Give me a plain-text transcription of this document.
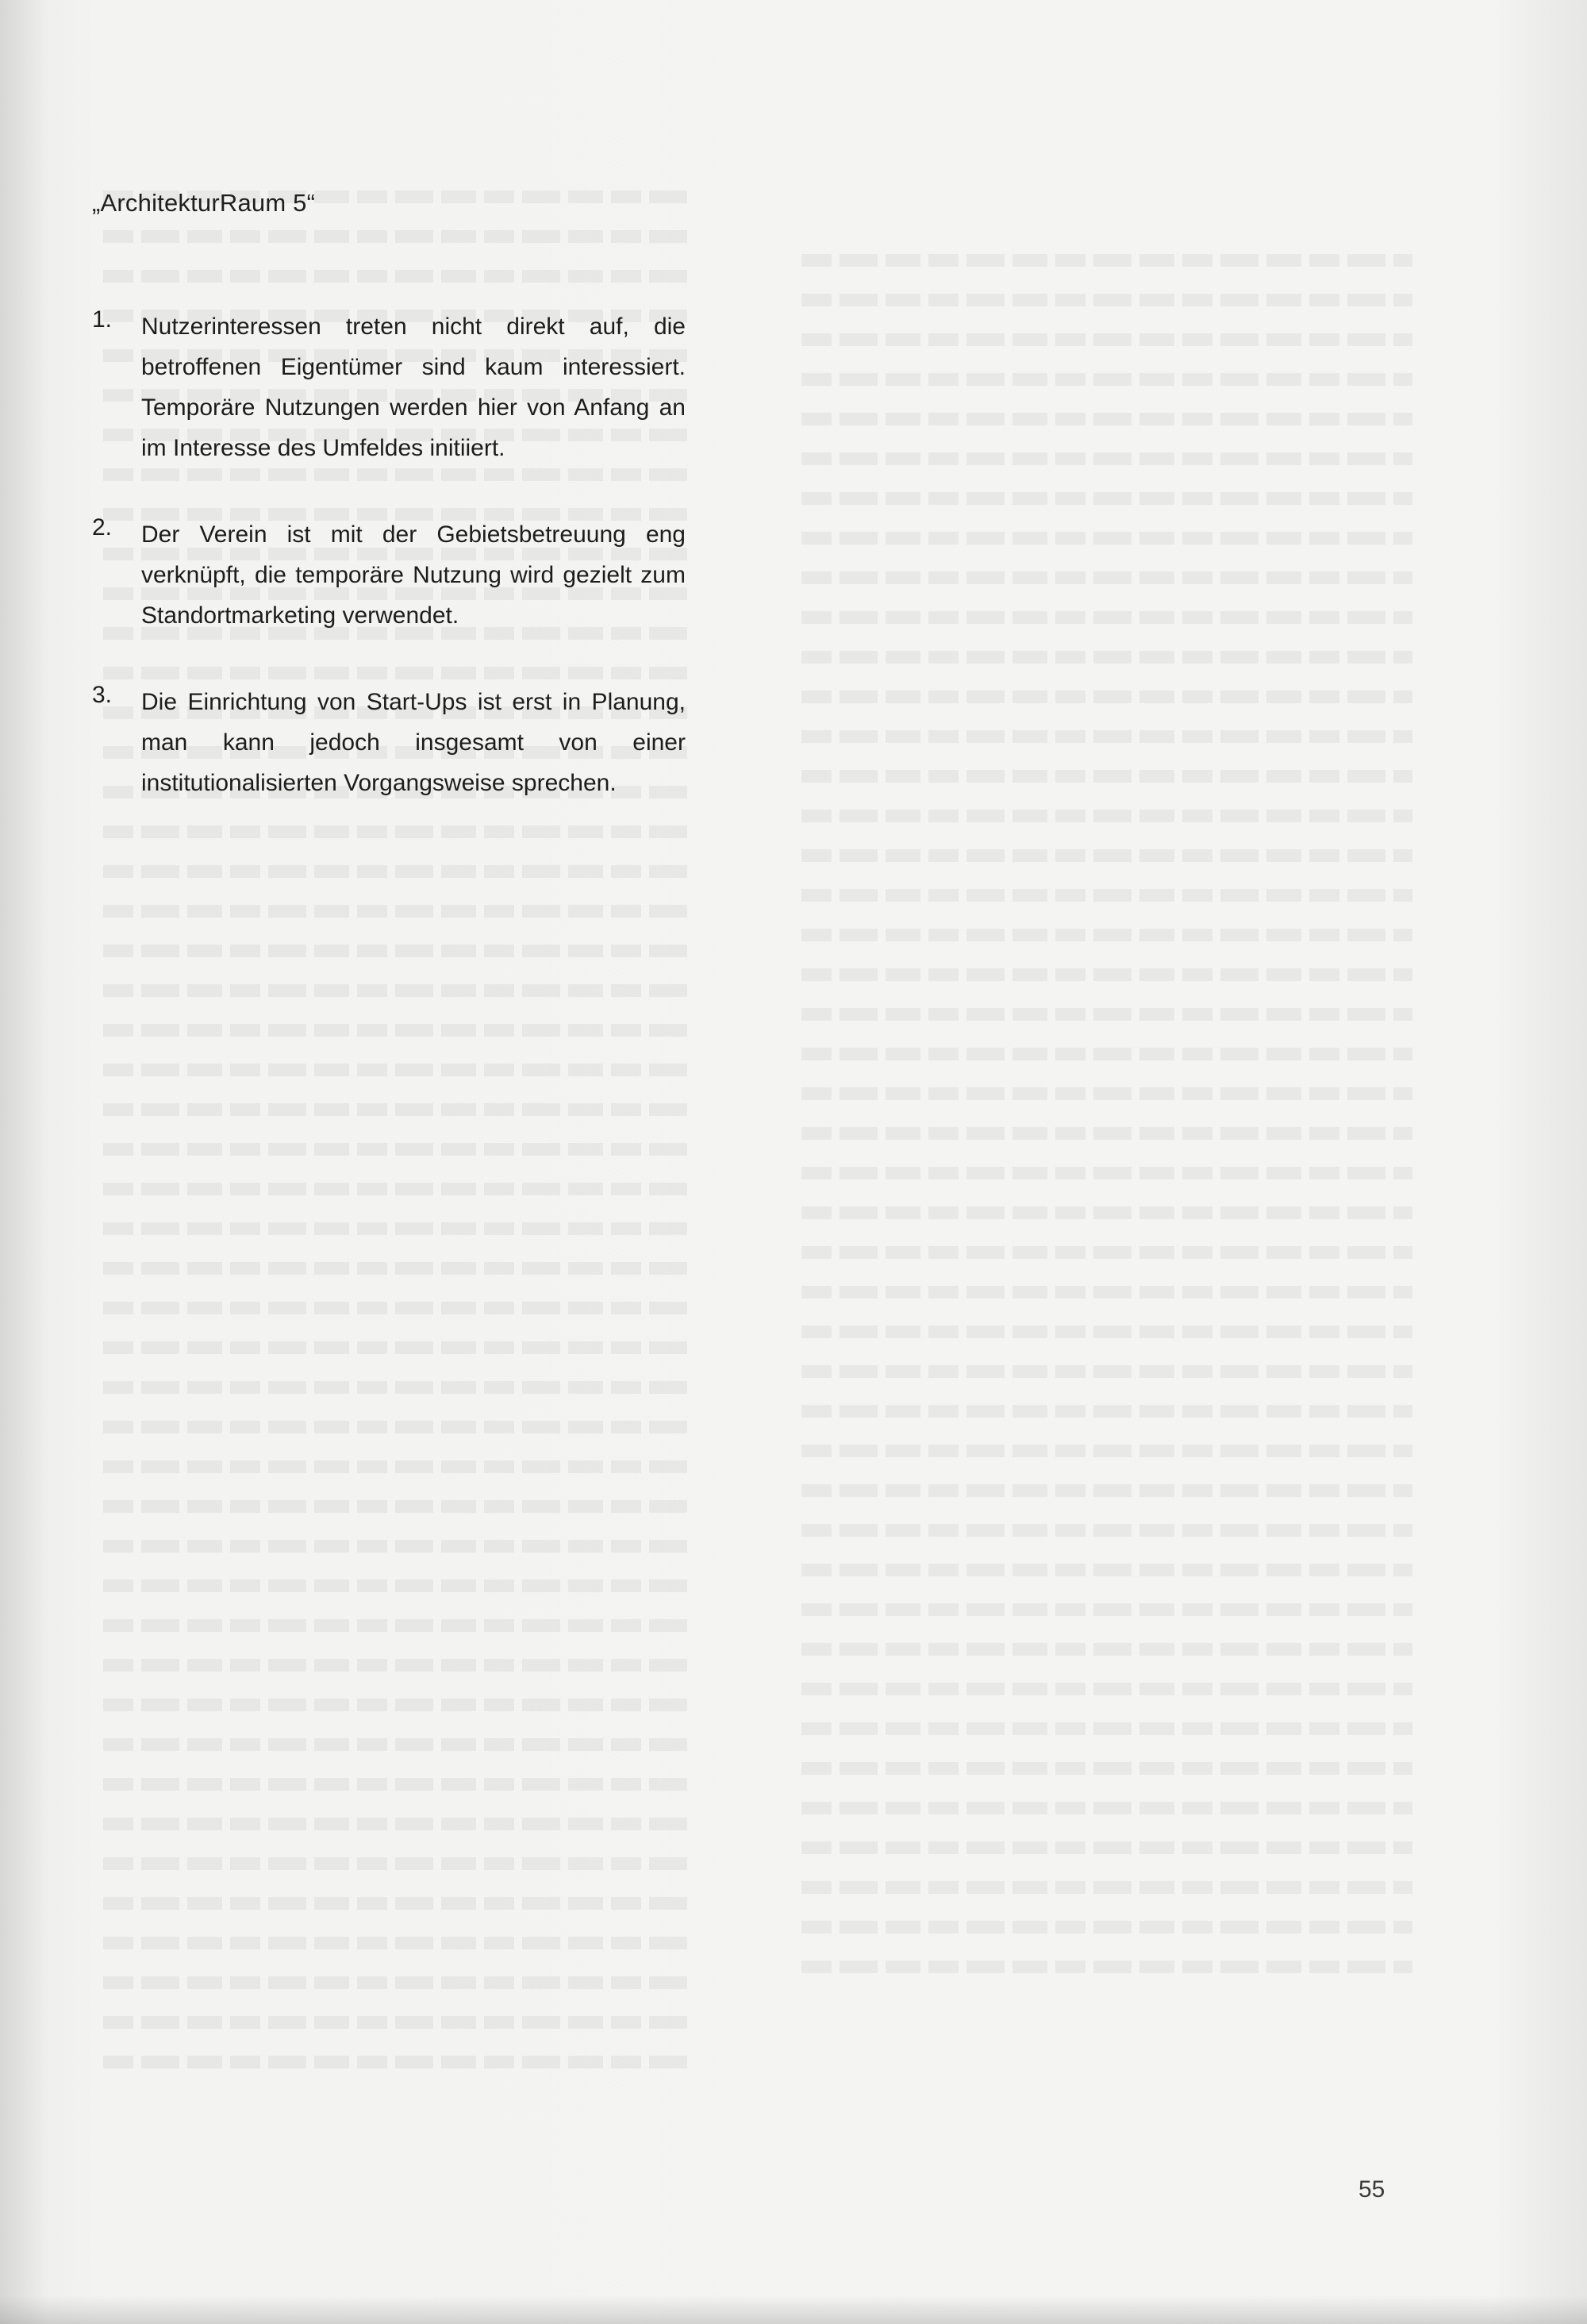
„ArchitekturRaum 5“
1. Nutzerinteressen treten nicht direkt auf, die betroffenen Eigentümer sind kaum interessiert. Temporäre Nutzungen werden hier von Anfang an im Interesse des Umfeldes initiiert.
2. Der Verein ist mit der Gebietsbetreuung eng verknüpft, die temporäre Nutzung wird gezielt zum Standortmarketing verwendet.
3. Die Einrichtung von Start-Ups ist erst in Planung, man kann jedoch insgesamt von einer institutionalisierten Vorgangsweise sprechen.
55
